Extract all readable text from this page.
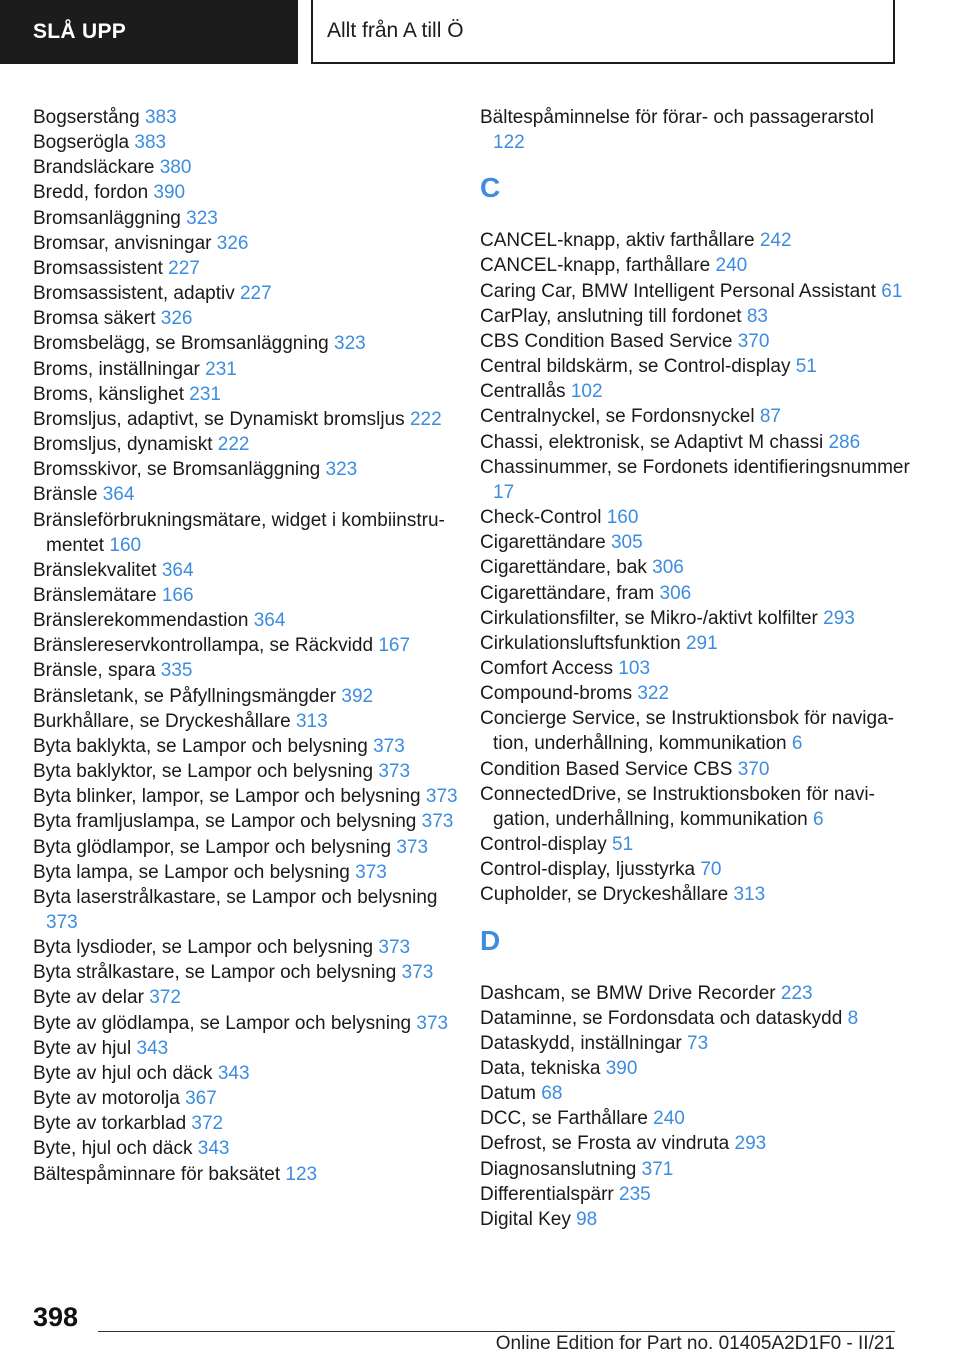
SLÅ UPP	Allt från A till Ö
Bogserstång 383
Bogserögla 383
Brandsläckare 380
Bredd, fordon 390
Bromsanläggning 323
Bromsar, anvisningar 326
Bromsassistent 227
Bromsassistent, adaptiv 227
Bromsa säkert 326
Bromsbelägg, se Bromsanläggning 323
Broms, inställningar 231
Broms, känslighet 231
Bromsljus, adaptivt, se Dynamiskt bromsljus 222
Bromsljus, dynamiskt 222
Bromsskivor, se Bromsanläggning 323
Bränsle 364
Bränsleförbrukningsmätare, widget i kombiinstrumentet 160
Bränslekvalitet 364
Bränslemätare 166
Bränslerekommendastion 364
Bränslereservkontrollampa, se Räckvidd 167
Bränsle, spara 335
Bränsletank, se Påfyllningsmängder 392
Burkhållare, se Dryckeshållare 313
Byta baklykta, se Lampor och belysning 373
Byta baklyktor, se Lampor och belysning 373
Byta blinker, lampor, se Lampor och belysning 373
Byta framljuslampa, se Lampor och belysning 373
Byta glödlampor, se Lampor och belysning 373
Byta lampa, se Lampor och belysning 373
Byta laserstrålkastare, se Lampor och belysning 373
Byta lysdioder, se Lampor och belysning 373
Byta strålkastare, se Lampor och belysning 373
Byte av delar 372
Byte av glödlampa, se Lampor och belysning 373
Byte av hjul 343
Byte av hjul och däck 343
Byte av motorolja 367
Byte av torkarblad 372
Byte, hjul och däck 343
Bältespåminnare för baksätet 123
Bältespåminnelse för förar- och passagerarstol 122
C
CANCEL-knapp, aktiv farthållare 242
CANCEL-knapp, farthållare 240
Caring Car, BMW Intelligent Personal Assistant 61
CarPlay, anslutning till fordonet 83
CBS Condition Based Service 370
Central bildskärm, se Control-display 51
Centrallås 102
Centralnyckel, se Fordonsnyckel 87
Chassi, elektronisk, se Adaptivt M chassi 286
Chassinummer, se Fordonets identifieringsnummer 17
Check-Control 160
Cigarettändare 305
Cigarettändare, bak 306
Cigarettändare, fram 306
Cirkulationsfilter, se Mikro-/aktivt kolfilter 293
Cirkulationsluftsfunktion 291
Comfort Access 103
Compound-broms 322
Concierge Service, se Instruktionsbok för navigation, underhållning, kommunikation 6
Condition Based Service CBS 370
ConnectedDrive, se Instruktionsboken för navigation, underhållning, kommunikation 6
Control-display 51
Control-display, ljusstyrka 70
Cupholder, se Dryckeshållare 313
D
Dashcam, se BMW Drive Recorder 223
Dataminne, se Fordonsdata och dataskydd 8
Dataskydd, inställningar 73
Data, tekniska 390
Datum 68
DCC, se Farthållare 240
Defrost, se Frosta av vindruta 293
Diagnosanslutning 371
Differentialspärr 235
Digital Key 98
398
Online Edition for Part no. 01405A2D1F0 - II/21
